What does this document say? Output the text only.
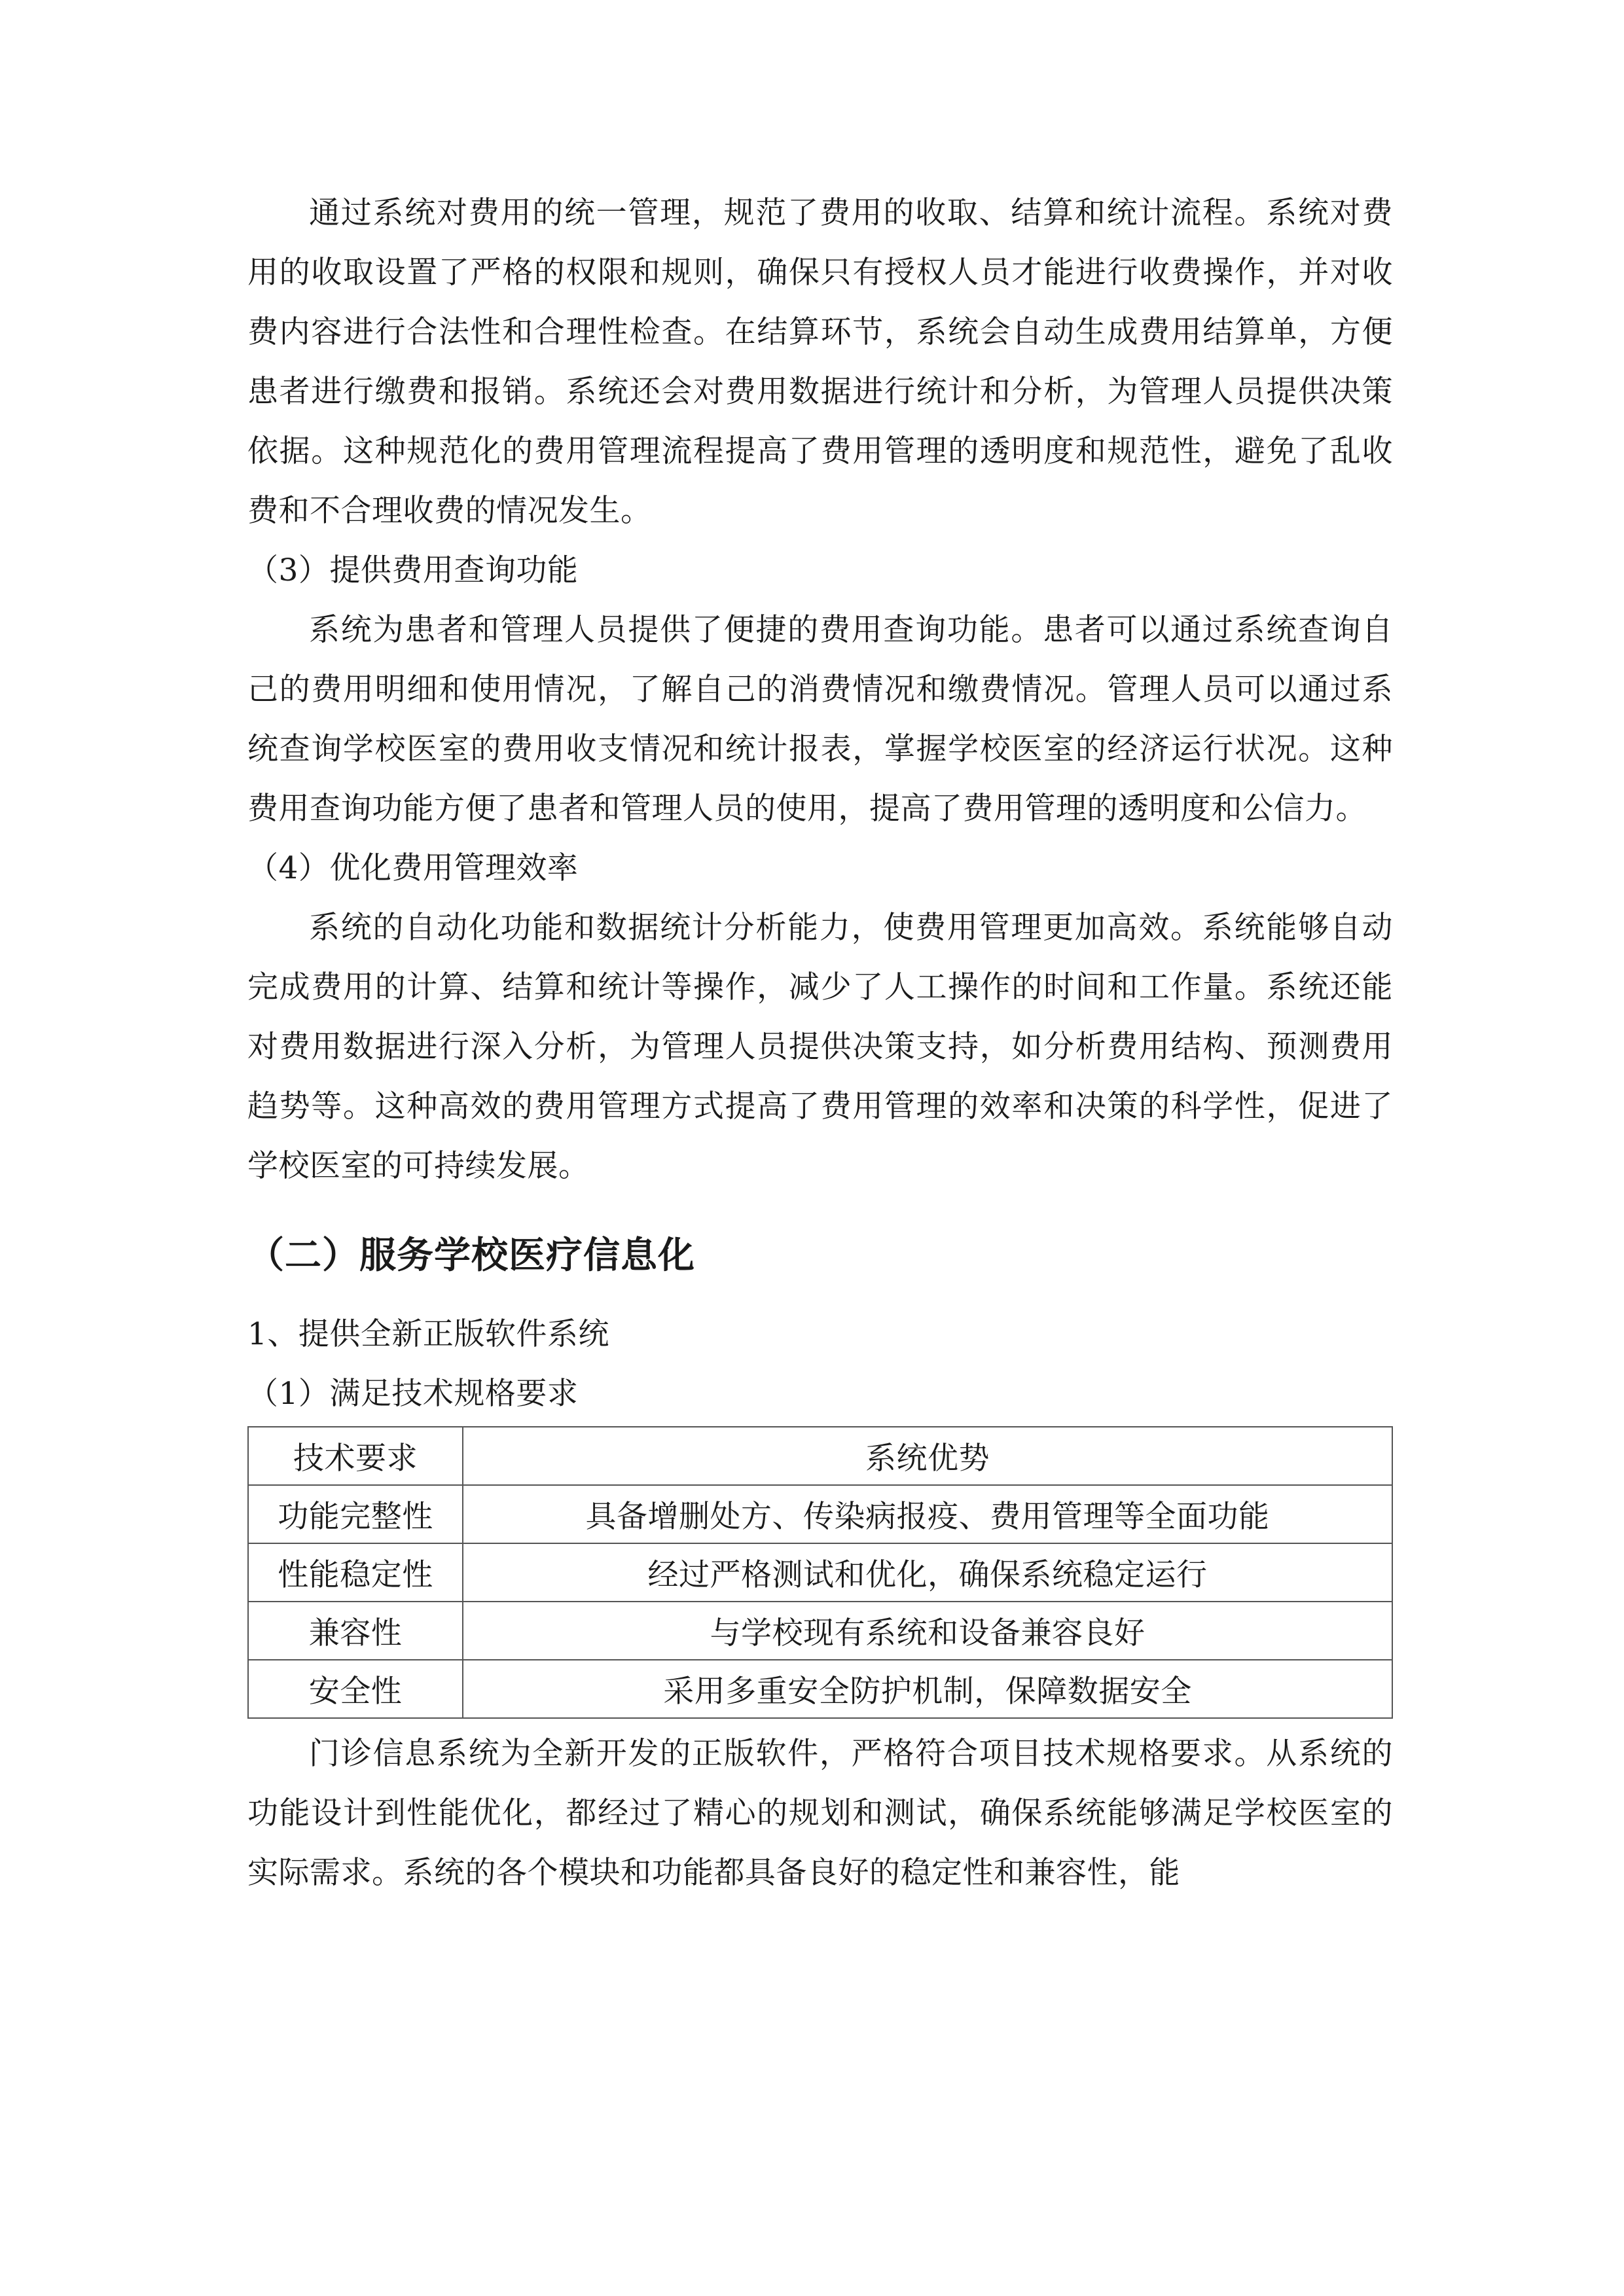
通过系统对费用的统一管理，规范了费用的收取、结算和统计流程。系统对费用的收取设置了严格的权限和规则，确保只有授权人员才能进行收费操作，并对收费内容进行合法性和合理性检查。在结算环节，系统会自动生成费用结算单，方便患者进行缴费和报销。系统还会对费用数据进行统计和分析，为管理人员提供决策依据。这种规范化的费用管理流程提高了费用管理的透明度和规范性，避免了乱收费和不合理收费的情况发生。

（3）提供费用查询功能

系统为患者和管理人员提供了便捷的费用查询功能。患者可以通过系统查询自己的费用明细和使用情况，了解自己的消费情况和缴费情况。管理人员可以通过系统查询学校医室的费用收支情况和统计报表，掌握学校医室的经济运行状况。这种费用查询功能方便了患者和管理人员的使用，提高了费用管理的透明度和公信力。

（4）优化费用管理效率

系统的自动化功能和数据统计分析能力，使费用管理更加高效。系统能够自动完成费用的计算、结算和统计等操作，减少了人工操作的时间和工作量。系统还能对费用数据进行深入分析，为管理人员提供决策支持，如分析费用结构、预测费用趋势等。这种高效的费用管理方式提高了费用管理的效率和决策的科学性，促进了学校医室的可持续发展。

（二）服务学校医疗信息化

1、提供全新正版软件系统

（1）满足技术规格要求

技术要求	系统优势
功能完整性	具备增删处方、传染病报疫、费用管理等全面功能
性能稳定性	经过严格测试和优化，确保系统稳定运行
兼容性	与学校现有系统和设备兼容良好
安全性	采用多重安全防护机制，保障数据安全

门诊信息系统为全新开发的正版软件，严格符合项目技术规格要求。从系统的功能设计到性能优化，都经过了精心的规划和测试，确保系统能够满足学校医室的实际需求。系统的各个模块和功能都具备良好的稳定性和兼容性，能
